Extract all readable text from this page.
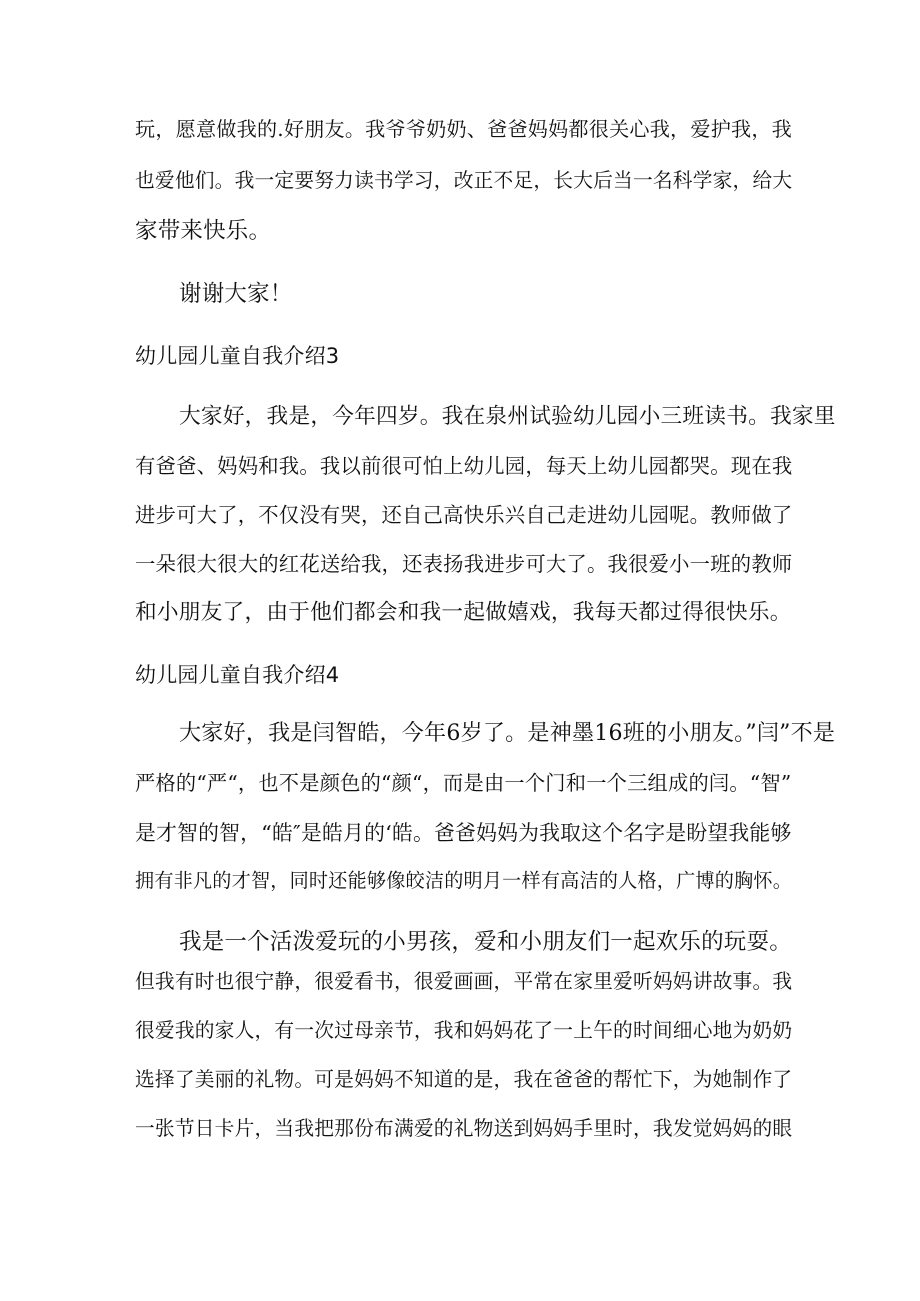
玩，愿意做我的.好朋友。我爷爷奶奶、爸爸妈妈都很关心我，爱护我，我
也爱他们。我一定要努力读书学习，改正不足，长大后当一名科学家，给大
家带来快乐。
谢谢大家！
幼儿园儿童自我介绍3
大家好，我是，今年四岁。我在泉州试验幼儿园小三班读书。我家里
有爸爸、妈妈和我。我以前很可怕上幼儿园，每天上幼儿园都哭。现在我
进步可大了，不仅没有哭，还自己高快乐兴自己走进幼儿园呢。教师做了
一朵很大很大的红花送给我，还表扬我进步可大了。我很爱小一班的教师
和小朋友了，由于他们都会和我一起做嬉戏，我每天都过得很快乐。
幼儿园儿童自我介绍4
大家好，我是闫智皓，今年6岁了。是神墨16班的小朋友。”闫”不是
严格的“严“，也不是颜色的“颜“，而是由一个门和一个三组成的闫。“智”
是才智的智，“皓″是皓月的‘皓。爸爸妈妈为我取这个名字是盼望我能够
拥有非凡的才智，同时还能够像皎洁的明月一样有高洁的人格，广博的胸怀。
我是一个活泼爱玩的小男孩，爱和小朋友们一起欢乐的玩耍。
但我有时也很宁静，很爱看书，很爱画画，平常在家里爱听妈妈讲故事。我
很爱我的家人，有一次过母亲节，我和妈妈花了一上午的时间细心地为奶奶
选择了美丽的礼物。可是妈妈不知道的是，我在爸爸的帮忙下，为她制作了
一张节日卡片，当我把那份布满爱的礼物送到妈妈手里时，我发觉妈妈的眼
